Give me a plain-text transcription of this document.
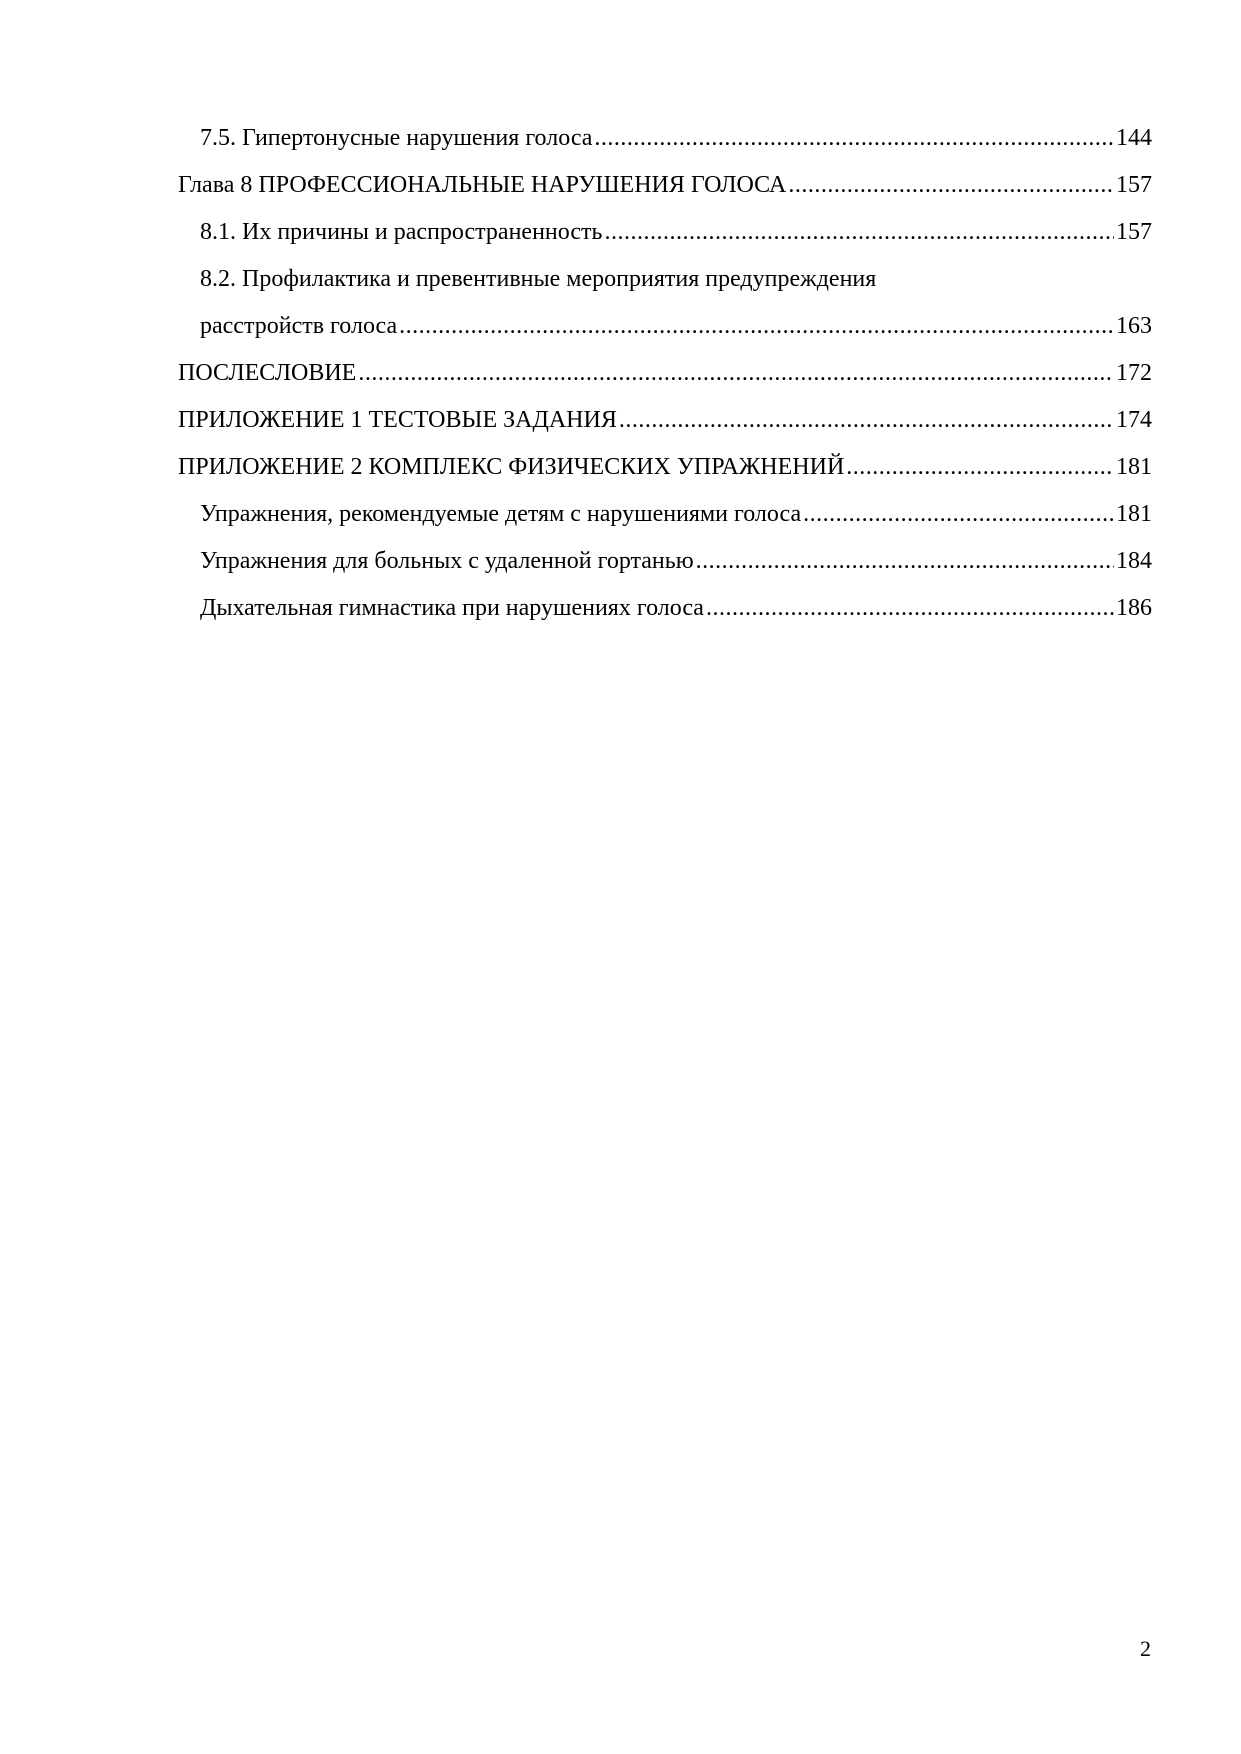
7.5. Гипертонусные нарушения голоса .....	144
Глава 8 ПРОФЕССИОНАЛЬНЫЕ НАРУШЕНИЯ ГОЛОСА .....	157
8.1. Их причины и распространенность .....	157
8.2. Профилактика и превентивные мероприятия предупреждения
расстройств голоса .....	163
ПОСЛЕСЛОВИЕ .....	172
ПРИЛОЖЕНИЕ 1 ТЕСТОВЫЕ ЗАДАНИЯ .....	174
ПРИЛОЖЕНИЕ 2 КОМПЛЕКС ФИЗИЧЕСКИХ УПРАЖНЕНИЙ .....	181
Упражнения, рекомендуемые детям с нарушениями голоса .....	181
Упражнения для больных с удаленной гортанью .....	184
Дыхательная гимнастика при нарушениях голоса .....	186
2
